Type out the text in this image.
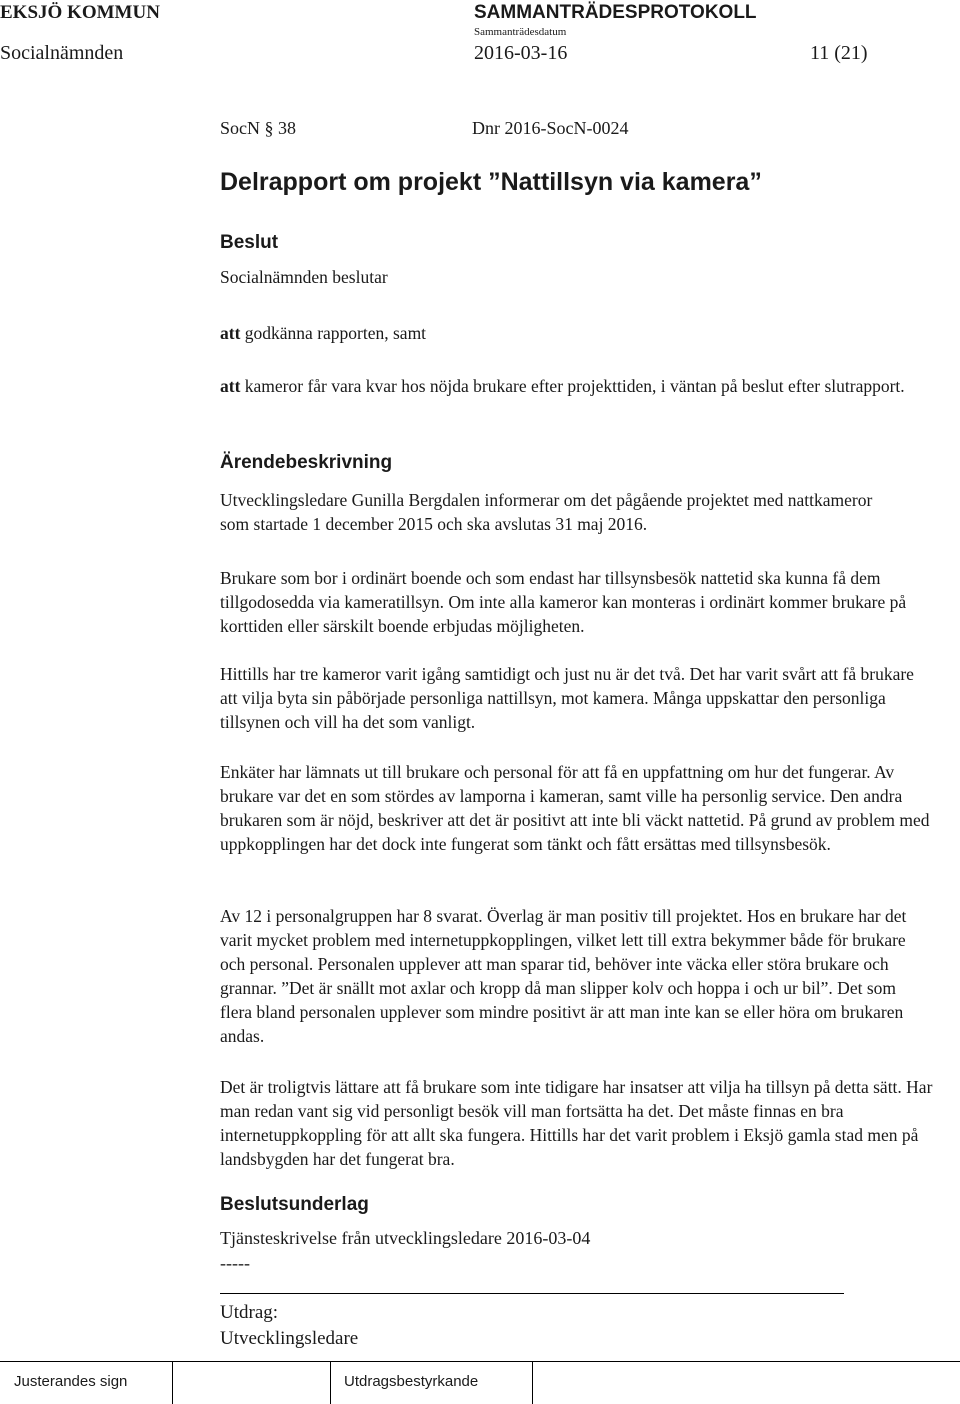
EKSJÖ KOMMUN	SAMMANTRÄDESPROTOKOLL
Sammanträdesdatum
Socialnämnden	2016-03-16	11 (21)
SocN § 38	Dnr 2016-SocN-0024
Delrapport om projekt ”Nattillsyn via kamera”
Beslut
Socialnämnden beslutar
att godkänna rapporten, samt
att kameror får vara kvar hos nöjda brukare efter projekttiden, i väntan på beslut efter slutrapport.
Ärendebeskrivning
Utvecklingsledare Gunilla Bergdalen informerar om det pågående projektet med nattkameror som startade 1 december 2015 och ska avslutas 31 maj 2016.
Brukare som bor i ordinärt boende och som endast har tillsynsbesök nattetid ska kunna få dem tillgodosedda via kameratillsyn. Om inte alla kameror kan monteras i ordinärt kommer brukare på korttiden eller särskilt boende erbjudas möjligheten.
Hittills har tre kameror varit igång samtidigt och just nu är det två. Det har varit svårt att få brukare att vilja byta sin påbörjade personliga nattillsyn, mot kamera. Många uppskattar den personliga tillsynen och vill ha det som vanligt.
Enkäter har lämnats ut till brukare och personal för att få en uppfattning om hur det fungerar. Av brukare var det en som stördes av lamporna i kameran, samt ville ha personlig service. Den andra brukaren som är nöjd, beskriver att det är positivt att inte bli väckt nattetid. På grund av problem med uppkopplingen har det dock inte fungerat som tänkt och fått ersättas med tillsynsbesök.
Av 12 i personalgruppen har 8 svarat. Överlag är man positiv till projektet. Hos en brukare har det varit mycket problem med internetuppkopplingen, vilket lett till extra bekymmer både för brukare och personal. Personalen upplever att man sparar tid, behöver inte väcka eller störa brukare och grannar. ”Det är snällt mot axlar och kropp då man slipper kolv och hoppa i och ur bil”. Det som flera bland personalen upplever som mindre positivt är att man inte kan se eller höra om brukaren andas.
Det är troligtvis lättare att få brukare som inte tidigare har insatser att vilja ha tillsyn på detta sätt. Har man redan vant sig vid personligt besök vill man fortsätta ha det. Det måste finnas en bra internetuppkoppling för att allt ska fungera. Hittills har det varit problem i Eksjö gamla stad men på landsbygden har det fungerat bra.
Beslutsunderlag
Tjänsteskrivelse från utvecklingsledare 2016-03-04
-----
Utdrag:
Utvecklingsledare
Justerandes sign	Utdragsbestyrkande
